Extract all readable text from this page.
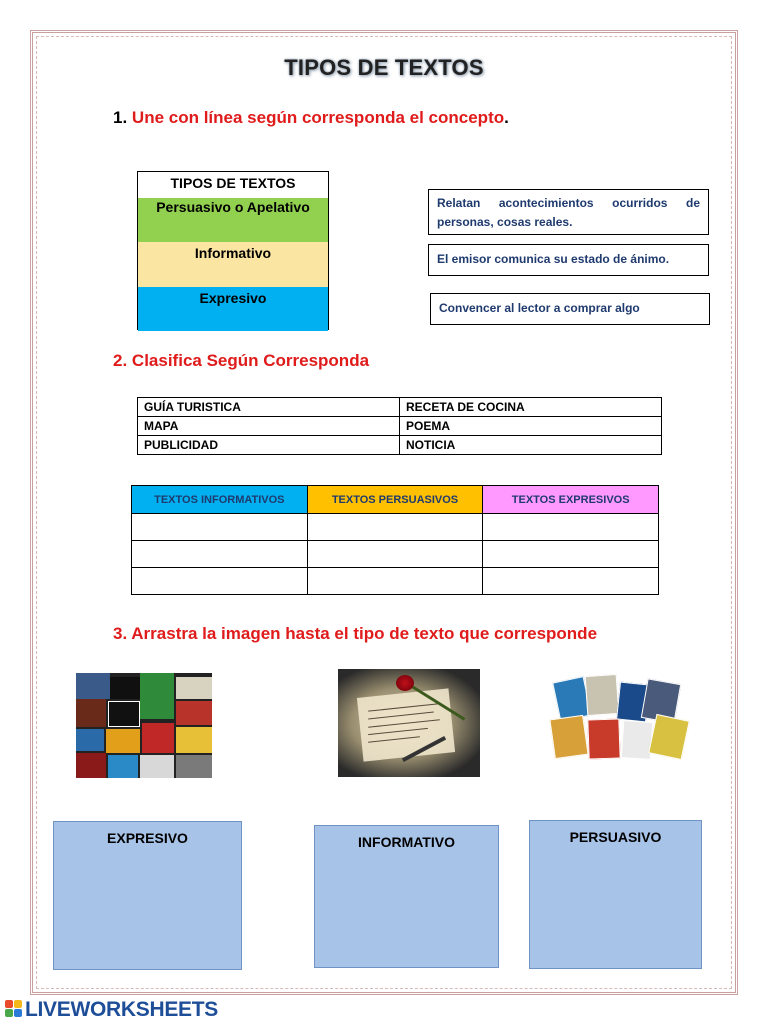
TIPOS DE TEXTOS
1. Une con línea según corresponda el concepto.
TIPOS DE TEXTOS
Persuasivo o Apelativo
Informativo
Expresivo
Relatan acontecimientos ocurridos de personas, cosas reales.
El emisor comunica su estado de ánimo.
Convencer al lector a comprar algo
2. Clasifica Según Corresponda
GUÍA TURISTICA	RECETA DE COCINA
MAPA	POEMA
PUBLICIDAD	NOTICIA
TEXTOS INFORMATIVOS	TEXTOS PERSUASIVOS	TEXTOS EXPRESIVOS

3. Arrastra la imagen hasta el tipo de texto que corresponde
EXPRESIVO	INFORMATIVO	PERSUASIVO
LIVEWORKSHEETS
